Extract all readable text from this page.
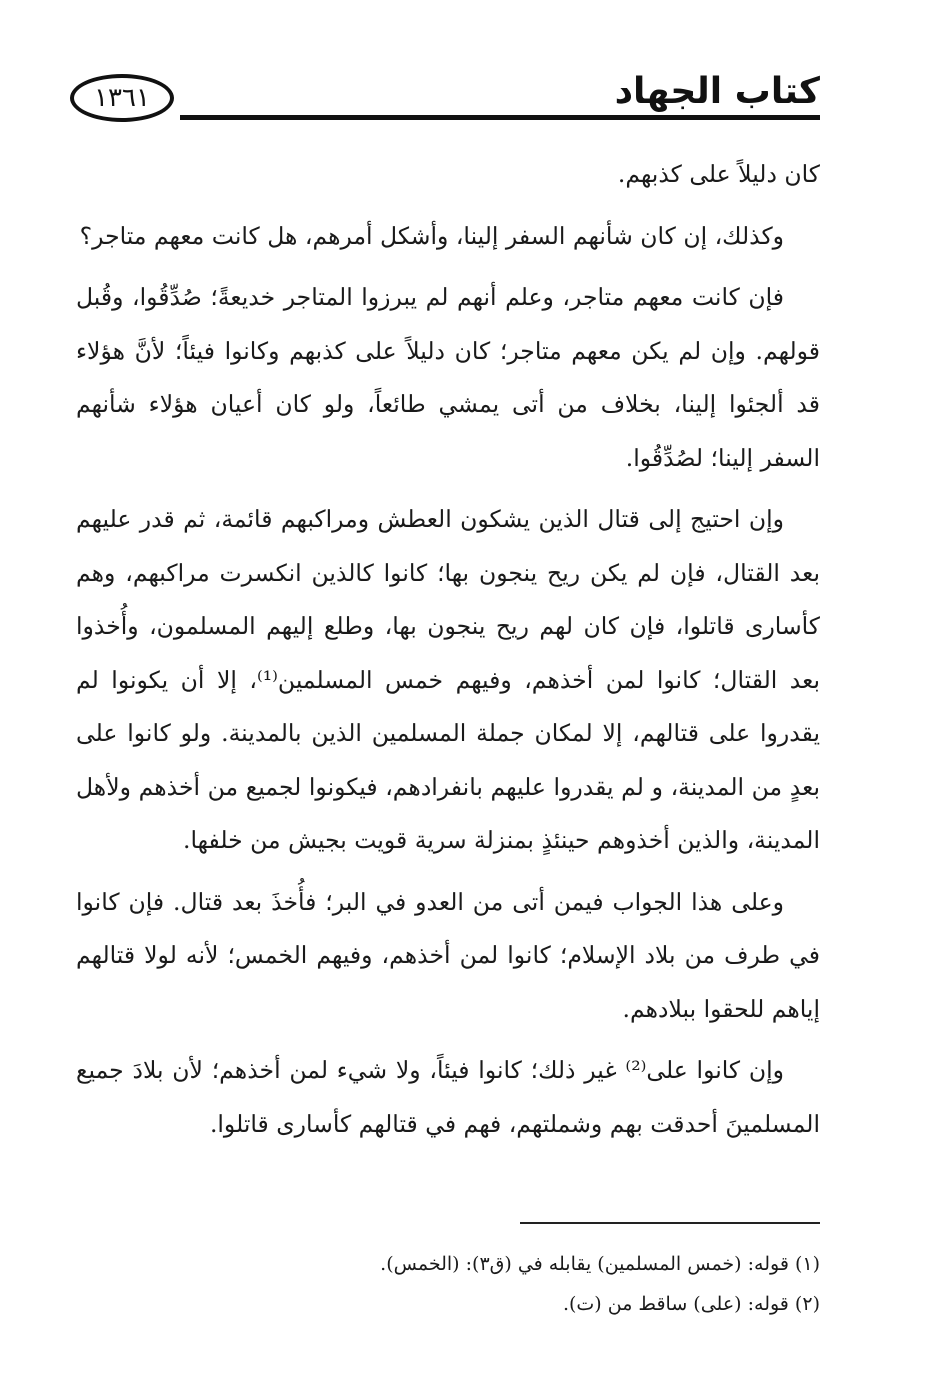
١٣٦١	كتاب الجهاد

كان دليلاً على كذبهم.

وكذلك، إن كان شأنهم السفر إلينا، وأشكل أمرهم، هل كانت معهم متاجر؟

فإن كانت معهم متاجر، وعلم أنهم لم يبرزوا المتاجر خديعةً؛ صُدِّقُوا، وقُبل قولهم. وإن لم يكن معهم متاجر؛ كان دليلاً على كذبهم وكانوا فيئاً؛ لأنَّ هؤلاء قد ألجئوا إلينا، بخلاف من أتى يمشي طائعاً، ولو كان أعيان هؤلاء شأنهم السفر إلينا؛ لصُدِّقُوا.

وإن احتيج إلى قتال الذين يشكون العطش ومراكبهم قائمة، ثم قدر عليهم بعد القتال، فإن لم يكن ريح ينجون بها؛ كانوا كالذين انكسرت مراكبهم، وهم كأسارى قاتلوا، فإن كان لهم ريح ينجون بها، وطلع إليهم المسلمون، وأُخذوا بعد القتال؛ كانوا لمن أخذهم، وفيهم خمس المسلمين⁽¹⁾، إلا أن يكونوا لم يقدروا على قتالهم، إلا لمكان جملة المسلمين الذين بالمدينة. ولو كانوا على بعدٍ من المدينة، و لم يقدروا عليهم بانفرادهم، فيكونوا لجميع من أخذهم ولأهل المدينة، والذين أخذوهم حينئذٍ بمنزلة سرية قويت بجيش من خلفها.

وعلى هذا الجواب فيمن أتى من العدو في البر؛ فأُخذَ بعد قتال. فإن كانوا في طرف من بلاد الإسلام؛ كانوا لمن أخذهم، وفيهم الخمس؛ لأنه لولا قتالهم إياهم للحقوا ببلادهم.

وإن كانوا على⁽²⁾ غير ذلك؛ كانوا فيئاً، ولا شيء لمن أخذهم؛ لأن بلادَ جميع المسلمينَ أحدقت بهم وشملتهم، فهم في قتالهم كأسارى قاتلوا.

(١) قوله: (خمس المسلمين) يقابله في (ق٣): (الخمس).

(٢) قوله: (على) ساقط من (ت).
